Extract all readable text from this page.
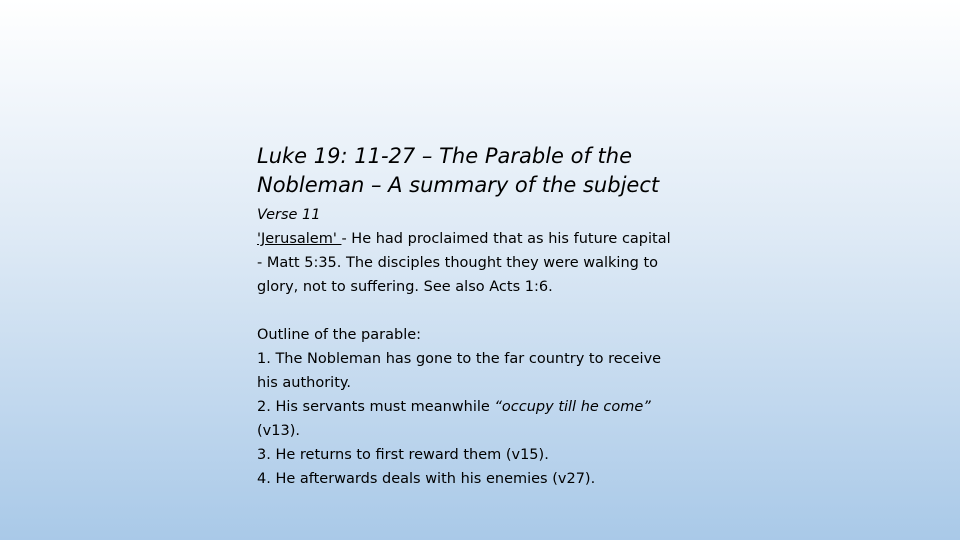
Luke 19: 11-27 – The Parable of the
Nobleman – A summary of the subject
Verse 11
'Jerusalem' - He had proclaimed that as his future capital
- Matt 5:35. The disciples thought they were walking to
glory, not to suffering. See also Acts 1:6.
Outline of the parable:
1. The Nobleman has gone to the far country to receive
his authority.
2. His servants must meanwhile “occupy till he come”
(v13).
3. He returns to first reward them (v15).
4. He afterwards deals with his enemies (v27).
